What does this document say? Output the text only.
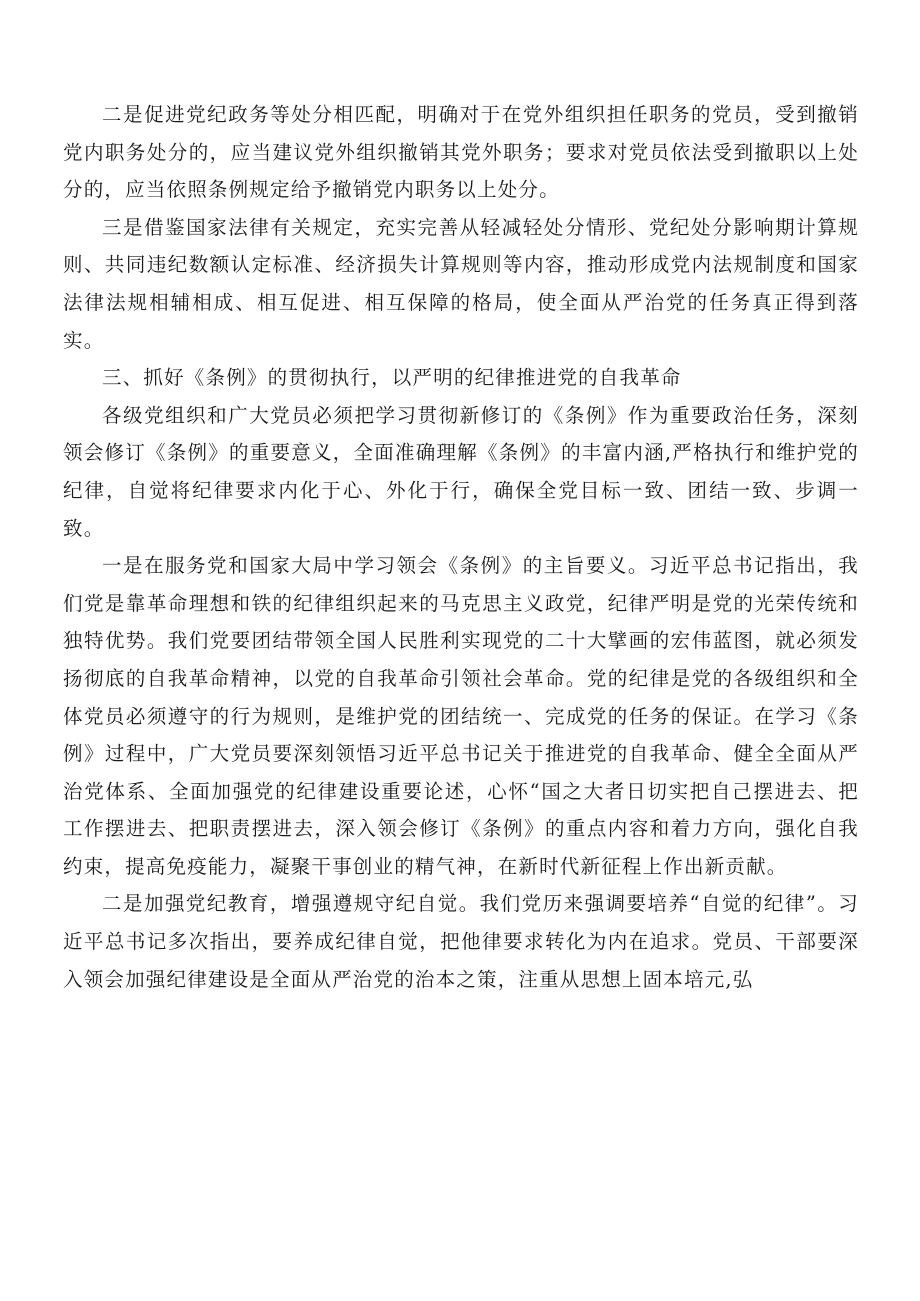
二是促进党纪政务等处分相匹配，明确对于在党外组织担任职务的党员，受到撤销党内职务处分的，应当建议党外组织撤销其党外职务；要求对党员依法受到撤职以上处分的，应当依照条例规定给予撤销党内职务以上处分。

三是借鉴国家法律有关规定，充实完善从轻减轻处分情形、党纪处分影响期计算规则、共同违纪数额认定标准、经济损失计算规则等内容，推动形成党内法规制度和国家法律法规相辅相成、相互促进、相互保障的格局，使全面从严治党的任务真正得到落实。

三、抓好《条例》的贯彻执行，以严明的纪律推进党的自我革命

各级党组织和广大党员必须把学习贯彻新修订的《条例》作为重要政治任务，深刻领会修订《条例》的重要意义，全面准确理解《条例》的丰富内涵,严格执行和维护党的纪律，自觉将纪律要求内化于心、外化于行，确保全党目标一致、团结一致、步调一致。

一是在服务党和国家大局中学习领会《条例》的主旨要义。习近平总书记指出，我们党是靠革命理想和铁的纪律组织起来的马克思主义政党，纪律严明是党的光荣传统和独特优势。我们党要团结带领全国人民胜利实现党的二十大擘画的宏伟蓝图，就必须发扬彻底的自我革命精神，以党的自我革命引领社会革命。党的纪律是党的各级组织和全体党员必须遵守的行为规则，是维护党的团结统一、完成党的任务的保证。在学习《条例》过程中，广大党员要深刻领悟习近平总书记关于推进党的自我革命、健全全面从严治党体系、全面加强党的纪律建设重要论述，心怀“国之大者日切实把自己摆进去、把工作摆进去、把职责摆进去，深入领会修订《条例》的重点内容和着力方向，强化自我约束，提高免疫能力，凝聚干事创业的精气神，在新时代新征程上作出新贡献。

二是加强党纪教育，增强遵规守纪自觉。我们党历来强调要培养“自觉的纪律”。习近平总书记多次指出，要养成纪律自觉，把他律要求转化为内在追求。党员、干部要深入领会加强纪律建设是全面从严治党的治本之策，注重从思想上固本培元,弘
